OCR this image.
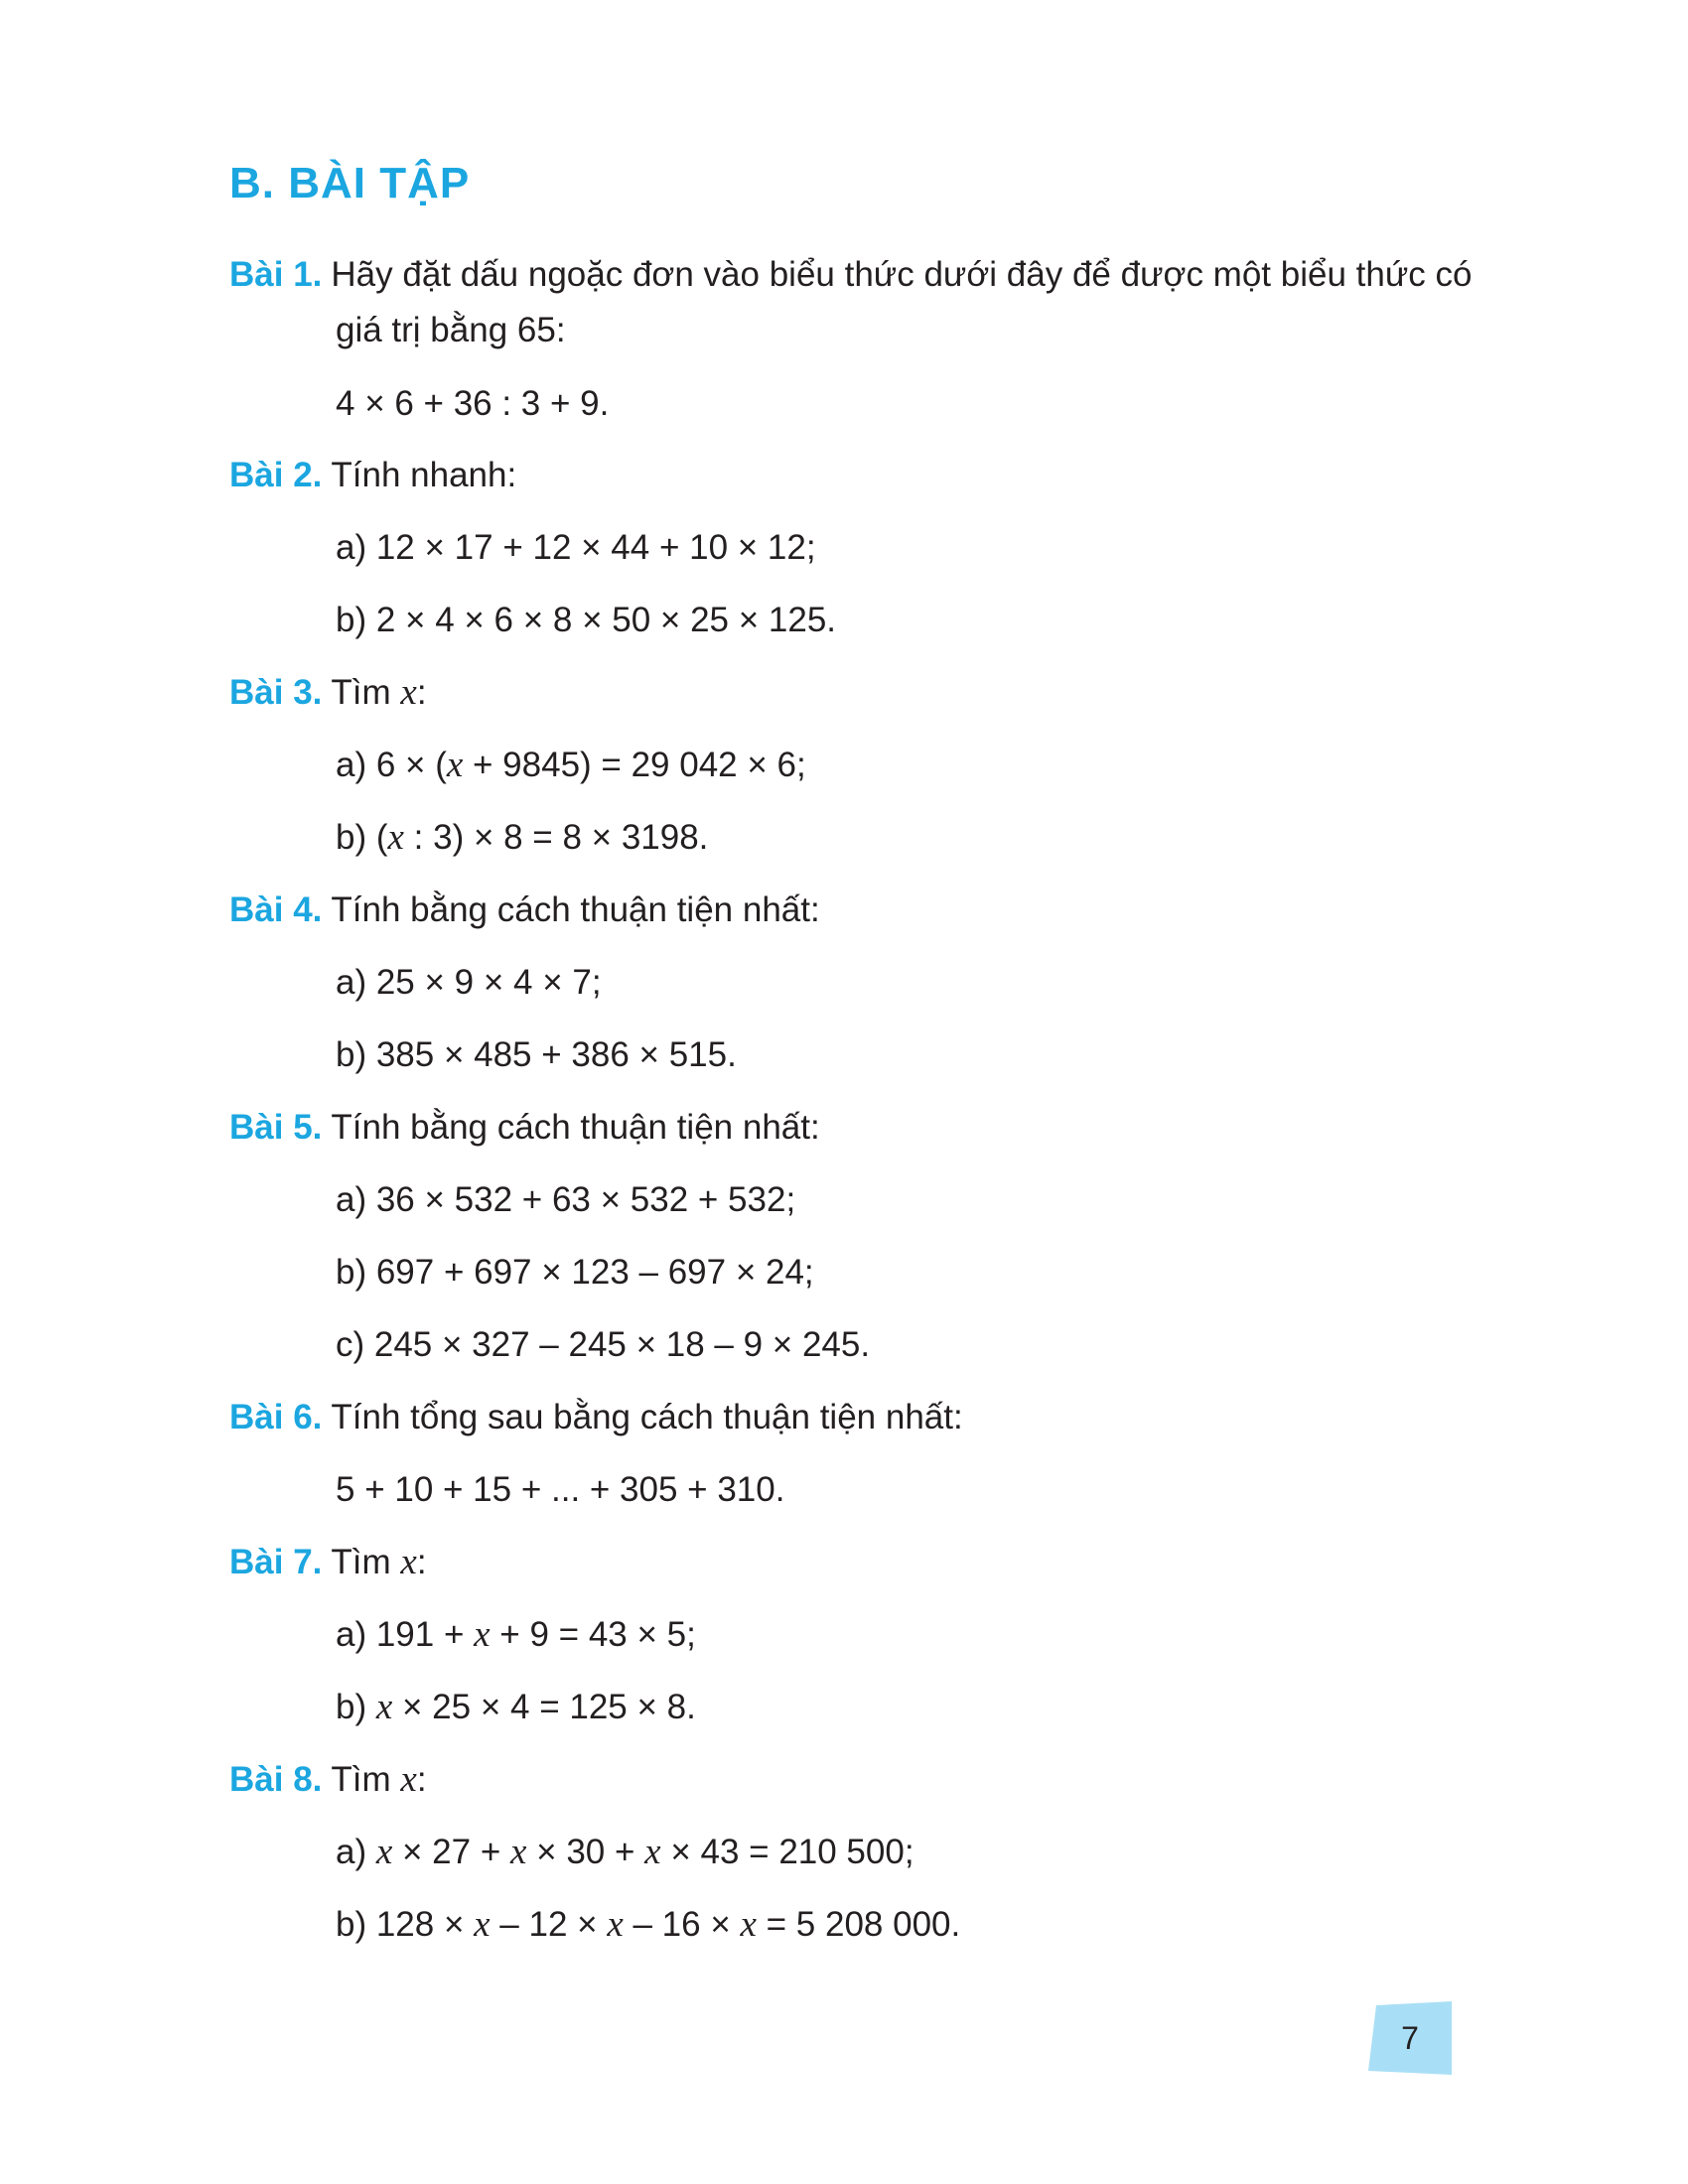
B. BÀI TẬP
Bài 1. Hãy đặt dấu ngoặc đơn vào biểu thức dưới đây để được một biểu thức có
giá trị bằng 65:
4 × 6 + 36 : 3 + 9.
Bài 2. Tính nhanh:
a) 12 × 17 + 12 × 44 + 10 × 12;
b) 2 × 4 × 6 × 8 × 50 × 25 × 125.
Bài 3. Tìm x:
a) 6 × (x + 9845) = 29 042 × 6;
b) (x : 3) × 8 = 8 × 3198.
Bài 4. Tính bằng cách thuận tiện nhất:
a) 25 × 9 × 4 × 7;
b) 385 × 485 + 386 × 515.
Bài 5. Tính bằng cách thuận tiện nhất:
a) 36 × 532 + 63 × 532 + 532;
b) 697 + 697 × 123 – 697 × 24;
c) 245 × 327 – 245 × 18 – 9 × 245.
Bài 6. Tính tổng sau bằng cách thuận tiện nhất:
5 + 10 + 15 + ... + 305 + 310.
Bài 7. Tìm x:
a) 191 + x + 9 = 43 × 5;
b) x × 25 × 4 = 125 × 8.
Bài 8. Tìm x:
a) x × 27 + x × 30 + x × 43 = 210 500;
b) 128 × x – 12 × x – 16 × x = 5 208 000.
7
